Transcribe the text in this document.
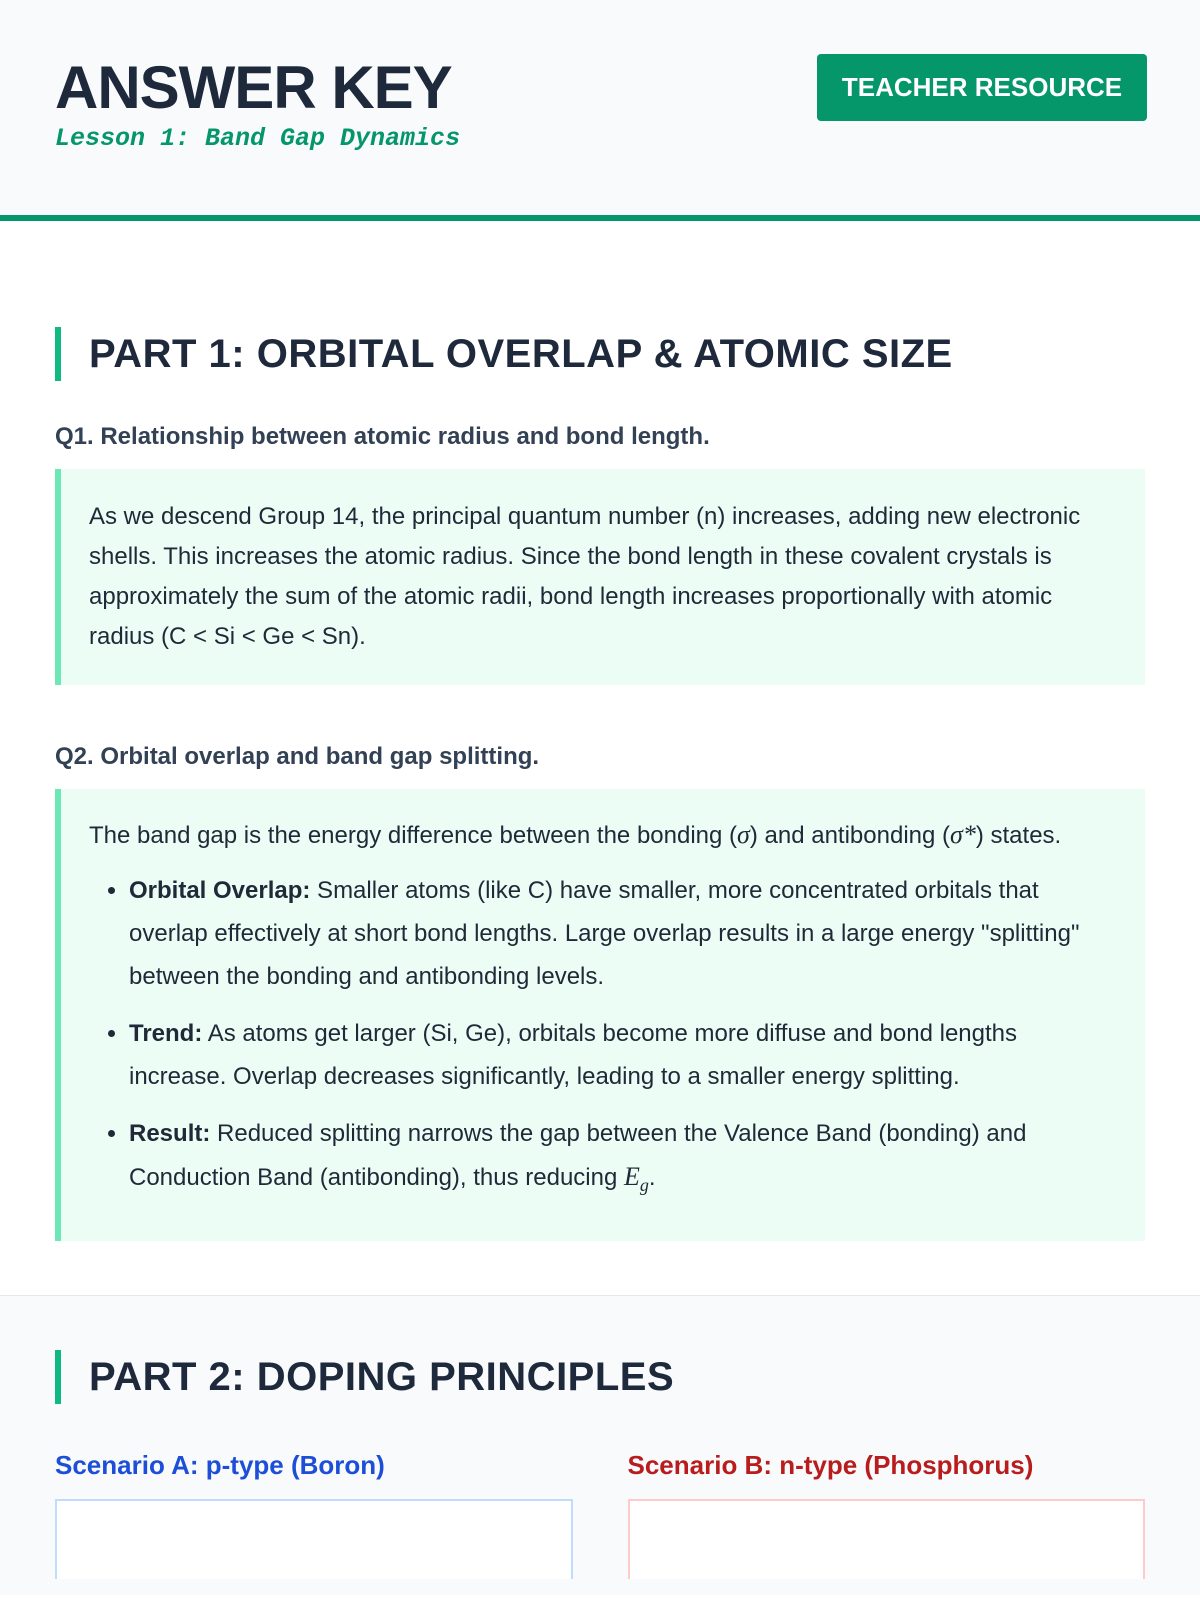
ANSWER KEY
Lesson 1: Band Gap Dynamics
TEACHER RESOURCE
PART 1: ORBITAL OVERLAP & ATOMIC SIZE
Q1. Relationship between atomic radius and bond length.
As we descend Group 14, the principal quantum number (n) increases, adding new electronic shells. This increases the atomic radius. Since the bond length in these covalent crystals is approximately the sum of the atomic radii, bond length increases proportionally with atomic radius (C < Si < Ge < Sn).
Q2. Orbital overlap and band gap splitting.
The band gap is the energy difference between the bonding (σ) and antibonding (σ*) states.
• Orbital Overlap: Smaller atoms (like C) have smaller, more concentrated orbitals that overlap effectively at short bond lengths. Large overlap results in a large energy "splitting" between the bonding and antibonding levels.
• Trend: As atoms get larger (Si, Ge), orbitals become more diffuse and bond lengths increase. Overlap decreases significantly, leading to a smaller energy splitting.
• Result: Reduced splitting narrows the gap between the Valence Band (bonding) and Conduction Band (antibonding), thus reducing $E_g$.
PART 2: DOPING PRINCIPLES
Scenario A: p-type (Boron)	Scenario B: n-type (Phosphorus)
